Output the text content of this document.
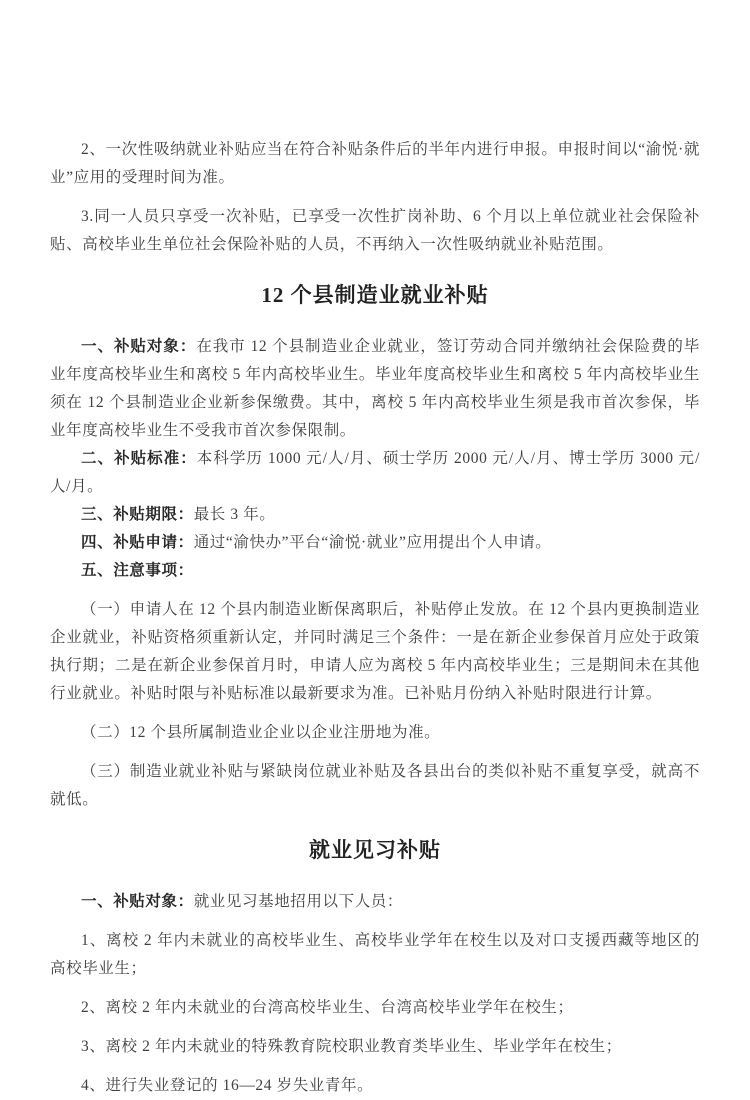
2、一次性吸纳就业补贴应当在符合补贴条件后的半年内进行申报。申报时间以“渝悦·就业”应用的受理时间为准。

3.同一人员只享受一次补贴，已享受一次性扩岗补助、6 个月以上单位就业社会保险补贴、高校毕业生单位社会保险补贴的人员，不再纳入一次性吸纳就业补贴范围。

12 个县制造业就业补贴

一、补贴对象：在我市 12 个县制造业企业就业，签订劳动合同并缴纳社会保险费的毕业年度高校毕业生和离校 5 年内高校毕业生。毕业年度高校毕业生和离校 5 年内高校毕业生须在 12 个县制造业企业新参保缴费。其中，离校 5 年内高校毕业生须是我市首次参保，毕业年度高校毕业生不受我市首次参保限制。

二、补贴标准：本科学历 1000 元/人/月、硕士学历 2000 元/人/月、博士学历 3000 元/人/月。

三、补贴期限：最长 3 年。

四、补贴申请：通过“渝快办”平台“渝悦·就业”应用提出个人申请。

五、注意事项：

（一）申请人在 12 个县内制造业断保离职后，补贴停止发放。在 12 个县内更换制造业企业就业，补贴资格须重新认定，并同时满足三个条件：一是在新企业参保首月应处于政策执行期；二是在新企业参保首月时，申请人应为离校 5 年内高校毕业生；三是期间未在其他行业就业。补贴时限与补贴标准以最新要求为准。已补贴月份纳入补贴时限进行计算。

（二）12 个县所属制造业企业以企业注册地为准。

（三）制造业就业补贴与紧缺岗位就业补贴及各县出台的类似补贴不重复享受，就高不就低。

就业见习补贴

一、补贴对象：就业见习基地招用以下人员：

1、离校 2 年内未就业的高校毕业生、高校毕业学年在校生以及对口支援西藏等地区的高校毕业生；

2、离校 2 年内未就业的台湾高校毕业生、台湾高校毕业学年在校生；

3、离校 2 年内未就业的特殊教育院校职业教育类毕业生、毕业学年在校生；

4、进行失业登记的 16—24 岁失业青年。
